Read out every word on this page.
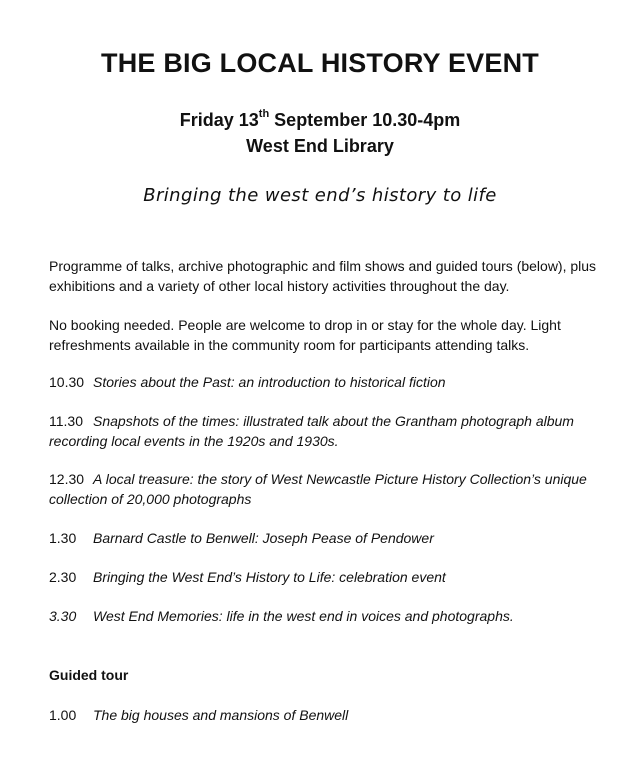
THE BIG LOCAL HISTORY EVENT
Friday 13th September 10.30-4pm
West End Library
Bringing the west end’s history to life
Programme of talks, archive photographic and film shows and guided tours (below), plus exhibitions and a variety of other local history activities throughout the day.
No booking needed. People are welcome to drop in or stay for the whole day. Light refreshments available in the community room for participants attending talks.
10.30 Stories about the Past: an introduction to historical fiction
11.30 Snapshots of the times: illustrated talk about the Grantham photograph album recording local events in the 1920s and 1930s.
12.30 A local treasure: the story of West Newcastle Picture History Collection’s unique collection of 20,000 photographs
1.30 Barnard Castle to Benwell: Joseph Pease of Pendower
2.30 Bringing the West End’s History to Life: celebration event
3.30 West End Memories: life in the west end in voices and photographs.
Guided tour
1.00 The big houses and mansions of Benwell
